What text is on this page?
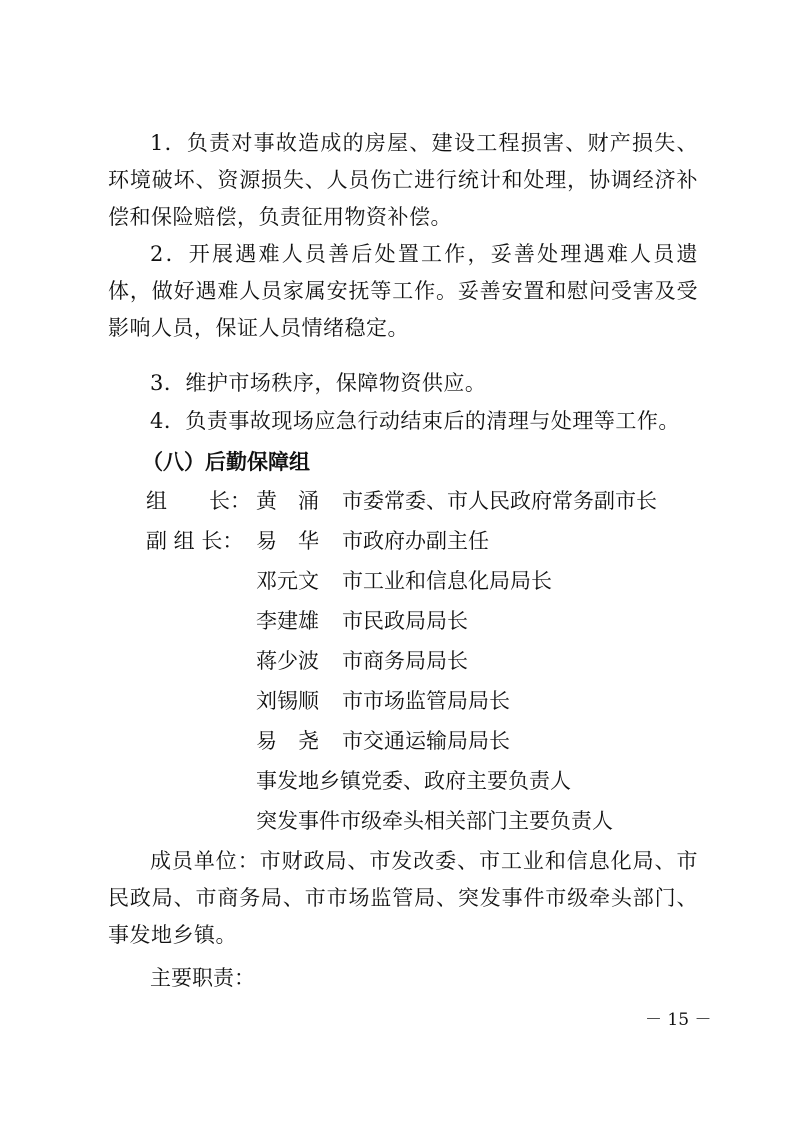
1．负责对事故造成的房屋、建设工程损害、财产损失、环境破坏、资源损失、人员伤亡进行统计和处理，协调经济补偿和保险赔偿，负责征用物资补偿。

2．开展遇难人员善后处置工作，妥善处理遇难人员遗体，做好遇难人员家属安抚等工作。妥善安置和慰问受害及受影响人员，保证人员情绪稳定。

3．维护市场秩序，保障物资供应。

4．负责事故现场应急行动结束后的清理与处理等工作。

（八）后勤保障组

组　　长： 黄　涌 市委常委、市人民政府常务副市长
副 组 长： 易　华 市政府办副主任
邓元文 市工业和信息化局局长
李建雄 市民政局局长
蒋少波 市商务局局长
刘锡顺 市市场监管局局长
易　尧 市交通运输局局长
事发地乡镇党委、政府主要负责人
突发事件市级牵头相关部门主要负责人

成员单位：市财政局、市发改委、市工业和信息化局、市民政局、市商务局、市市场监管局、突发事件市级牵头部门、事发地乡镇。

主要职责：

－ 15 －
